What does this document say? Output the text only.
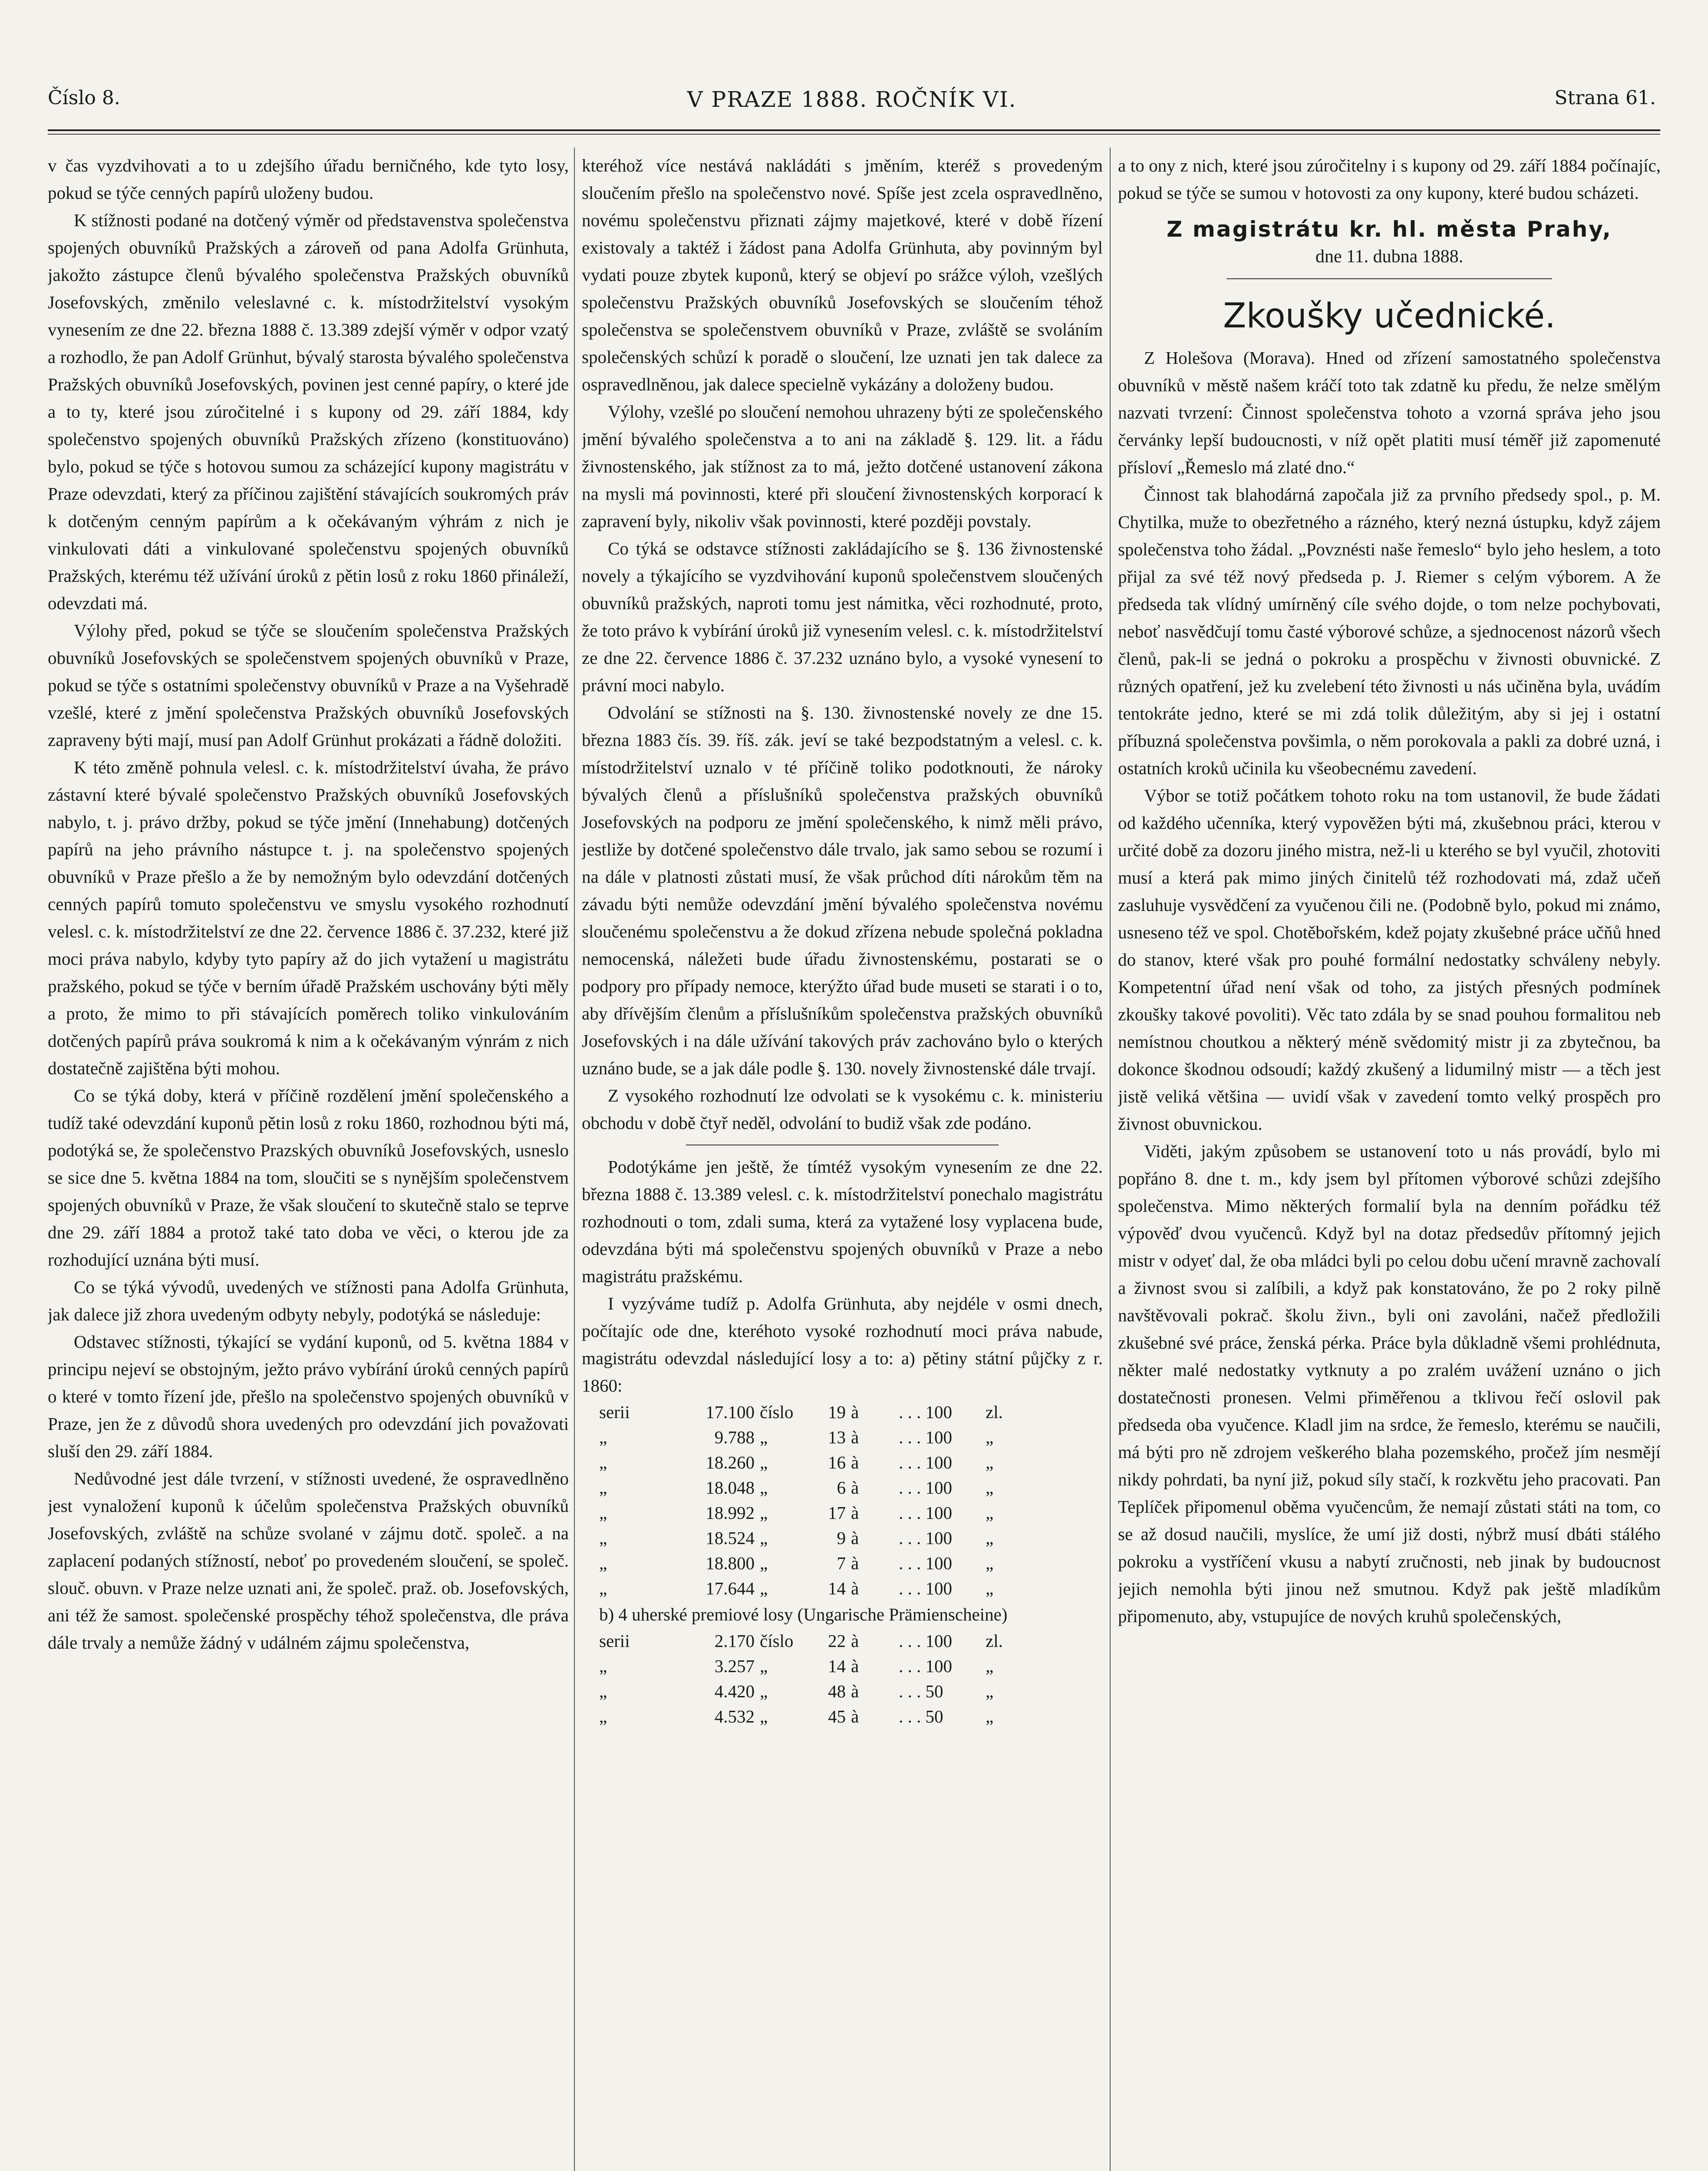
Číslo 8.	V PRAZE 1888. ROČNÍK VI.	Strana 61.

v čas vyzdvihovati a to u zdejšího úřadu berničného, kde tyto losy, pokud se týče cenných papírů uloženy budou.

K stížnosti podané na dotčený výměr od představenstva společenstva spojených obuvníků Pražských a zároveň od pana Adolfa Grünhuta, jakožto zástupce členů bývalého společenstva Pražských obuvníků Josefovských, změnilo veleslavné c. k. místodržitelství vysokým vynesením ze dne 22. března 1888 č. 13.389 zdejší výměr v odpor vzatý a rozhodlo, že pan Adolf Grünhut, bývalý starosta bývalého společenstva Pražských obuvníků Josefovských, povinen jest cenné papíry, o které jde a to ty, které jsou zúročitelné i s kupony od 29. září 1884, kdy společenstvo spojených obuvníků Pražských zřízeno (konstituováno) bylo, pokud se týče s hotovou sumou za scházející kupony magistrátu v Praze odevzdati, který za příčinou zajištění stávajících soukromých práv k dotčeným cenným papírům a k očekávaným výhrám z nich je vinkulovati dáti a vinkulované společenstvu spojených obuvníků Pražských, kterému též užívání úroků z pětin losů z roku 1860 přináleží, odevzdati má.

Výlohy před, pokud se týče se sloučením společenstva Pražských obuvníků Josefovských se společenstvem spojených obuvníků v Praze, pokud se týče s ostatními společenstvy obuvníků v Praze a na Vyšehradě vzešlé, které z jmění společenstva Pražských obuvníků Josefovských zapraveny býti mají, musí pan Adolf Grünhut prokázati a řádně doložiti.

K této změně pohnula velesl. c. k. místodržitelství úvaha, že právo zástavní které bývalé společenstvo Pražských obuvníků Josefovských nabylo, t. j. právo držby, pokud se týče jmění (Innehabung) dotčených papírů na jeho právního nástupce t. j. na společenstvo spojených obuvníků v Praze přešlo a že by nemožným bylo odevzdání dotčených cenných papírů tomuto společenstvu ve smyslu vysokého rozhodnutí velesl. c. k. místodržitelství ze dne 22. července 1886 č. 37.232, které již moci práva nabylo, kdyby tyto papíry až do jich vytažení u magistrátu pražského, pokud se týče v berním úřadě Pražském uschovány býti měly a proto, že mimo to při stávajících poměrech toliko vinkulováním dotčených papírů práva soukromá k nim a k očekávaným výnrám z nich dostatečně zajištěna býti mohou.

Co se týká doby, která v příčině rozdělení jmění společenského a tudíž také odevzdání kuponů pětin losů z roku 1860, rozhodnou býti má, podotýká se, že společenstvo Prazských obuvníků Josefovských, usneslo se sice dne 5. května 1884 na tom, sloučiti se s nynějším společenstvem spojených obuvníků v Praze, že však sloučení to skutečně stalo se teprve dne 29. září 1884 a protož také tato doba ve věci, o kterou jde za rozhodující uznána býti musí.

Co se týká vývodů, uvedených ve stížnosti pana Adolfa Grünhuta, jak dalece již zhora uvedeným odbyty nebyly, podotýká se následuje:

Odstavec stížnosti, týkající se vydání kuponů, od 5. května 1884 v principu nejeví se obstojným, ježto právo vybírání úroků cenných papírů o které v tomto řízení jde, přešlo na společenstvo spojených obuvníků v Praze, jen že z důvodů shora uvedených pro odevzdání jich považovati sluší den 29. září 1884.

Nedůvodné jest dále tvrzení, v stížnosti uvedené, že ospravedlněno jest vynaložení kuponů k účelům společenstva Pražských obuvníků Josefovských, zvláště na schůze svolané v zájmu dotč. společ. a na zaplacení podaných stížností, neboť po provedeném sloučení, se společ. slouč. obuvn. v Praze nelze uznati ani, že společ. praž. ob. Josefovských, ani též že samost. společenské prospěchy téhož společenstva, dle práva dále trvaly a nemůže žádný v událném zájmu společenstva,

kteréhož více nestává nakládáti s jměním, kteréž s provedeným sloučením přešlo na společenstvo nové. Spíše jest zcela ospravedlněno, novému společenstvu přiznati zájmy majetkové, které v době řízení existovaly a taktéž i žádost pana Adolfa Grünhuta, aby povinným byl vydati pouze zbytek kuponů, který se objeví po srážce výloh, vzešlých společenstvu Pražských obuvníků Josefovských se sloučením téhož společenstva se společenstvem obuvníků v Praze, zvláště se svoláním společenských schůzí k poradě o sloučení, lze uznati jen tak dalece za ospravedlněnou, jak dalece specielně vykázány a doloženy budou.

Výlohy, vzešlé po sloučení nemohou uhrazeny býti ze společenského jmění bývalého společenstva a to ani na základě §. 129. lit. a řádu živnostenského, jak stížnost za to má, ježto dotčené ustanovení zákona na mysli má povinnosti, které při sloučení živnostenských korporací k zapravení byly, nikoliv však povinnosti, které později povstaly.

Co týká se odstavce stížnosti zakládajícího se §. 136 živnostenské novely a týkajícího se vyzdvihování kuponů společenstvem sloučených obuvníků pražských, naproti tomu jest námitka, věci rozhodnuté, proto, že toto právo k vybírání úroků již vynesením velesl. c. k. místodržitelství ze dne 22. července 1886 č. 37.232 uznáno bylo, a vysoké vynesení to právní moci nabylo.

Odvolání se stížnosti na §. 130. živnostenské novely ze dne 15. března 1883 čís. 39. říš. zák. jeví se také bezpodstatným a velesl. c. k. místodržitelství uznalo v té příčině toliko podotknouti, že nároky bývalých členů a příslušníků společenstva pražských obuvníků Josefovských na podporu ze jmění společenského, k nimž měli právo, jestliže by dotčené společenstvo dále trvalo, jak samo sebou se rozumí i na dále v platnosti zůstati musí, že však průchod díti nárokům těm na závadu býti nemůže odevzdání jmění bývalého společenstva novému sloučenému společenstvu a že dokud zřízena nebude společná pokladna nemocenská, náležeti bude úřadu živnostenskému, postarati se o podpory pro případy nemoce, kterýžto úřad bude museti se starati i o to, aby dřívějším členům a příslušníkům společenstva pražských obuvníků Josefovských i na dále užívání takových práv zachováno bylo o kterých uznáno bude, se a jak dále podle §. 130. novely živnostenské dále trvají.

Z vysokého rozhodnutí lze odvolati se k vysokému c. k. ministeriu obchodu v době čtyř neděl, odvolání to budiž však zde podáno.

Podotýkáme jen ještě, že tímtéž vysokým vynesením ze dne 22. března 1888 č. 13.389 velesl. c. k. místodržitelství ponechalo magistrátu rozhodnouti o tom, zdali suma, která za vytažené losy vyplacena bude, odevzdána býti má společenstvu spojených obuvníků v Praze a nebo magistrátu pražskému.

I vyzýváme tudíž p. Adolfa Grünhuta, aby nejdéle v osmi dnech, počítajíc ode dne, kteréhoto vysoké rozhodnutí moci práva nabude, magistrátu odevzdal následující losy a to: a) pětiny státní půjčky z r. 1860:

serii	17.100 číslo	19 à	. . . 100	zl.
„	9.788 „	13 à	. . . 100	„
„	18.260 „	16 à	. . . 100	„
„	18.048 „	6 à	. . . 100	„
„	18.992 „	17 à	. . . 100	„
„	18.524 „	9 à	. . . 100	„
„	18.800 „	7 à	. . . 100	„
„	17.644 „	14 à	. . . 100	„

b) 4 uherské premiové losy (Ungarische Prämienscheine)

serii	2.170 číslo	22 à	. . . 100	zl.
„	3.257 „	14 à	. . . 100	„
„	4.420 „	48 à	. . . 50	„
„	4.532 „	45 à	. . . 50	„

a to ony z nich, které jsou zúročitelny i s kupony od 29. září 1884 počínajíc, pokud se týče se sumou v hotovosti za ony kupony, které budou scházeti.

Z magistrátu kr. hl. města Prahy,
dne 11. dubna 1888.
Zkoušky učednické.

Z Holešova (Morava). Hned od zřízení samostatného společenstva obuvníků v městě našem kráčí toto tak zdatně ku předu, že nelze smělým nazvati tvrzení: Činnost společenstva tohoto a vzorná správa jeho jsou červánky lepší budoucnosti, v níž opět platiti musí téměř již zapomenuté přísloví „Řemeslo má zlaté dno.“

Činnost tak blahodárná započala již za prvního předsedy spol., p. M. Chytilka, muže to obezřetného a rázného, který nezná ústupku, když zájem společenstva toho žádal. „Povznésti naše řemeslo“ bylo jeho heslem, a toto přijal za své též nový předseda p. J. Riemer s celým výborem. A že předseda tak vlídný umírněný cíle svého dojde, o tom nelze pochybovati, neboť nasvědčují tomu časté výborové schůze, a sjednocenost názorů všech členů, pak-li se jedná o pokroku a prospěchu v živnosti obuvnické. Z různých opatření, jež ku zvelebení této živnosti u nás učiněna byla, uvádím tentokráte jedno, které se mi zdá tolik důležitým, aby si jej i ostatní příbuzná společenstva povšimla, o něm porokovala a pakli za dobré uzná, i ostatních kroků učinila ku všeobecnému zavedení.

Výbor se totiž počátkem tohoto roku na tom ustanovil, že bude žádati od každého učenníka, který vypověžen býti má, zkušebnou práci, kterou v určité době za dozoru jiného mistra, než-li u kterého se byl vyučil, zhotoviti musí a která pak mimo jiných činitelů též rozhodovati má, zdaž učeň zasluhuje vysvědčení za vyučenou čili ne. (Podobně bylo, pokud mi známo, usneseno též ve spol. Chotěbořském, kdež pojaty zkušebné práce učňů hned do stanov, které však pro pouhé formální nedostatky schváleny nebyly. Kompetentní úřad není však od toho, za jistých přesných podmínek zkoušky takové povoliti). Věc tato zdála by se snad pouhou formalitou neb nemístnou choutkou a některý méně svědomitý mistr ji za zbytečnou, ba dokonce škodnou odsoudí; každý zkušený a lidumilný mistr — a těch jest jistě veliká většina — uvidí však v zavedení tomto velký prospěch pro živnost obuvnickou.

Viděti, jakým způsobem se ustanovení toto u nás provádí, bylo mi popřáno 8. dne t. m., kdy jsem byl přítomen výborové schůzi zdejšího společenstva. Mimo některých formalií byla na denním pořádku též výpověď dvou vyučenců. Když byl na dotaz předsedův přítomný jejich mistr v odyeť dal, že oba mládci byli po celou dobu učení mravně zachovalí a živnost svou si zalíbili, a když pak konstatováno, že po 2 roky pilně navštěvovali pokrač. školu živn., byli oni zavoláni, načež předložili zkušebné své práce, ženská pérka. Práce byla důkladně všemi prohlédnuta, někter malé nedostatky vytknuty a po zralém uvážení uznáno o jich dostatečnosti pronesen. Velmi přiměřenou a tklivou řečí oslovil pak předseda oba vyučence. Kladl jim na srdce, že řemeslo, kterému se naučili, má býti pro ně zdrojem veškerého blaha pozemského, pročež jím nesmějí nikdy pohrdati, ba nyní již, pokud síly stačí, k rozkvětu jeho pracovati. Pan Teplíček připomenul oběma vyučencům, že nemají zůstati státi na tom, co se až dosud naučili, myslíce, že umí již dosti, nýbrž musí dbáti stálého pokroku a vystříčení vkusu a nabytí zručnosti, neb jinak by budoucnost jejich nemohla býti jinou než smutnou. Když pak ještě mladíkům připomenuto, aby, vstupujíce de nových kruhů společenských,
